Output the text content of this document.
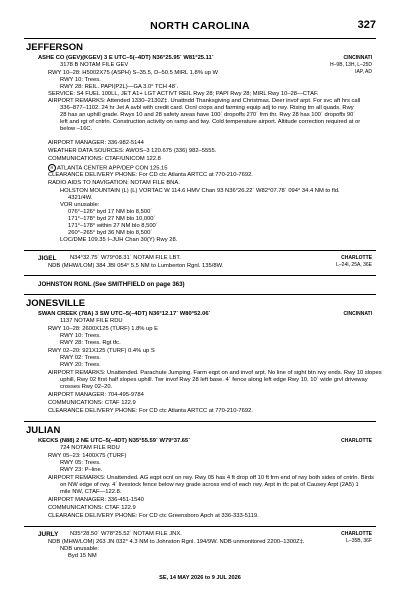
NORTH CAROLINA	327
JEFFERSON
ASHE CO (GEV)(KGEV) 3 E UTC–5(–4DT) N36°25.95´ W81°25.11´	CINCINNATI
H–9B, 13H, L–25D
IAP, AD
3178 B NOTAM FILE GEV
RWY 10–28: H5002X75 (ASPH) S–35.5, D–50.5 MIRL 1.8% up W
RWY 10: Trees.
RWY 28: REIL. PAPI(P2L)—GA 3.0° TCH 48´.
SERVICE: S4 FUEL 100LL, JET A1+ LGT ACTIVT REIL Rwy 28; PAPI Rwy 28; MIRL Rwy 10–28—CTAF.
AIRPORT REMARKS: Attended 1330–2130Z‡. Unattndd Thanksgiving and Christmas. Deer invof arpt. For svc aft hrs call
336–877–1102. 24 hr Jet A avbl with credit card. Ocnl crops and farming equip adj to rwy. Rising trn all quads. Rwy
28 has an uphill grade. Rwys 10 and 28 safety areas have 100´ dropoffs 270´ frm thr. Rwy 28 has 100´ dropoffs 90´
left and rgt of cntrln. Construction activity on ramp and twy. Cold temperature airport. Altitude correction required at or
below –16C.
AIRPORT MANAGER: 336-982-5144
WEATHER DATA SOURCES: AWOS–3 120.675 (336) 982–5555.
COMMUNICATIONS: CTAF/UNICOM 122.8
R ATLANTA CENTER APP/DEP CON 125.15
CLEARANCE DELIVERY PHONE: For CD ctc Atlanta ARTCC at 770-210-7692.
RADIO AIDS TO NAVIGATION: NOTAM FILE BNA.
HOLSTON MOUNTAIN (L) (L) VORTAC W 114.6 HMV Chan 93 N36°26.22´ W82°07.78´ 094° 34.4 NM to fld.
4321/4W.
VOR unusable:
076°–126° byd 17 NM blo 8,500´
171°–178° byd 27 NM blo 10,000´
171°–178° within 27 NM blo 8,500´
260°–265° byd 36 NM blo 8,500´
LOC/DME 109.35 I–JUH Chan 30(Y) Rwy 28.
JIGEL N34°32.75´ W79°08.31´ NOTAM FILE LBT.
NDB (MHW/LOM) 384 JBI 054° 5.5 NM to Lumberton Rgnl. 135/8W.
CHARLOTTE
L–24I, 25A, 36E
JOHNSTON RGNL (See SMITHFIELD on page 363)
JONESVILLE
SWAN CREEK (78A) 3 SW UTC–5(–4DT) N36°12.17´ W80°52.06´	CINCINNATI
1137 NOTAM FILE RDU
RWY 10–28: 2600X125 (TURF) 1.8% up E
RWY 10: Trees.
RWY 28: Trees. Rgt tfc.
RWY 02–20: 921X125 (TURF) 0.4% up S
RWY 02: Trees.
RWY 20: Trees.
AIRPORT REMARKS: Unattended. Parachute Jumping. Farm eqpt on and invof arpt. No line of sight btn rwy ends. Rwy 10 slopes
uphill, Rwy 02 first half slopes uphill. Twr invof Rwy 28 left base. 4´ fence along left edge Rwy 10. 10´ wide grvl driveway
crosses Rwy 02–20.
AIRPORT MANAGER: 704-495-9784
COMMUNICATIONS: CTAF 122.9
CLEARANCE DELIVERY PHONE: For CD ctc Atlanta ARTCC at 770-210-7692.
JULIAN
KECKS (N88) 2 NE UTC–5(–4DT) N35°55.59´ W79°37.65´	CHARLOTTE
724 NOTAM FILE RDU
RWY 05–23: 1400X75 (TURF)
RWY 05: Trees.
RWY 23: P–line.
AIRPORT REMARKS: Unattended. AG eqpt ocnl on rwy. Rwy 05 has 4 ft drop off 10 ft frm end of rwy both sides of cntrln. Birds
on NW edge of rwy. 4´ livestock fence below rwy grade across end of each rwy. Arpt in tfc pat of Causey Arpt (2A5) 1
mile NW, CTAF—122.8.
AIRPORT MANAGER: 336-451-1540
COMMUNICATIONS: CTAF 122.9
CLEARANCE DELIVERY PHONE: For CD ctc Greensboro Apch at 336-333-5119.
JURLY N35°28.50´ W78°25.52´ NOTAM FILE JNX.
NDB (MHW/LOM) 263 JN 032° 4.3 NM to Johnston Rgnl. 194/9W. NDB unmonitored 2200–1300Z‡.
NDB unusable:
Byd 15 NM
CHARLOTTE
L–35B, 36F
SE, 14 MAY 2026 to 9 JUL 2026
